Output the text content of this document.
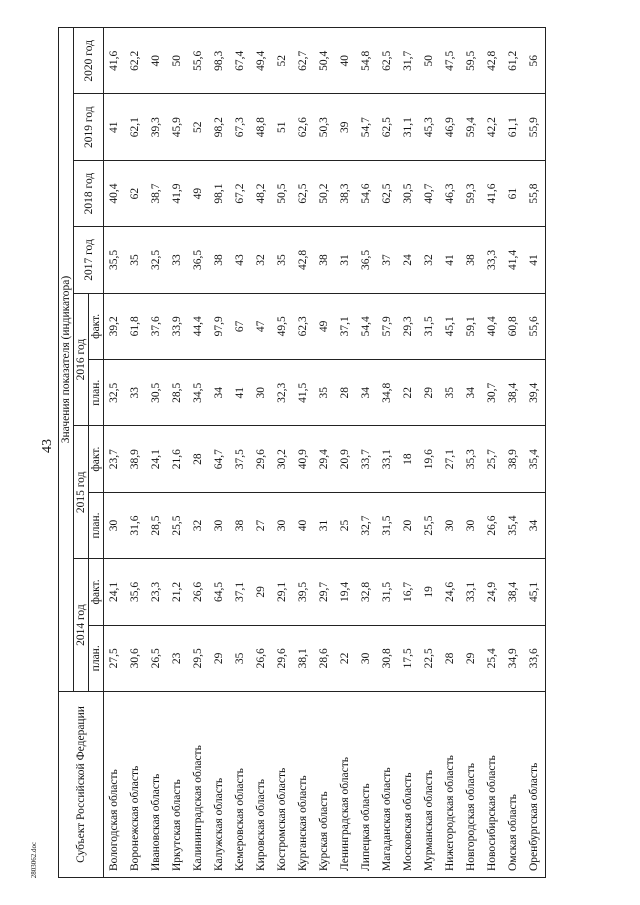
43
Субъект Российской Федерации	Значения показателя (индикатора)									
	2014 год		2015 год		2016 год		2017 год	2018 год	2019 год	2020 год
	план.	факт.	план.	факт.	план.	факт.				
Вологодская область	27,5	24,1	30	23,7	32,5	39,2	35,5	40,4	41	41,6
Воронежская область	30,6	35,6	31,6	38,9	33	61,8	35	62	62,1	62,2
Ивановская область	26,5	23,3	28,5	24,1	30,5	37,6	32,5	38,7	39,3	40
Иркутская область	23	21,2	25,5	21,6	28,5	33,9	33	41,9	45,9	50
Калининградская область	29,5	26,6	32	28	34,5	44,4	36,5	49	52	55,6
Калужская область	29	64,5	30	64,7	34	97,9	38	98,1	98,2	98,3
Кемеровская область	35	37,1	38	37,5	41	67	43	67,2	67,3	67,4
Кировская область	26,6	29	27	29,6	30	47	32	48,2	48,8	49,4
Костромская область	29,6	29,1	30	30,2	32,3	49,5	35	50,5	51	52
Курганская область	38,1	39,5	40	40,9	41,5	62,3	42,8	62,5	62,6	62,7
Курская область	28,6	29,7	31	29,4	35	49	38	50,2	50,3	50,4
Ленинградская область	22	19,4	25	20,9	28	37,1	31	38,3	39	40
Липецкая область	30	32,8	32,7	33,7	34	54,4	36,5	54,6	54,7	54,8
Магаданская область	30,8	31,5	31,5	33,1	34,8	57,9	37	62,5	62,5	62,5
Московская область	17,5	16,7	20	18	22	29,3	24	30,5	31,1	31,7
Мурманская область	22,5	19	25,5	19,6	29	31,5	32	40,7	45,3	50
Нижегородская область	28	24,6	30	27,1	35	45,1	41	46,3	46,9	47,5
Новгородская область	29	33,1	30	35,3	34	59,1	38	59,3	59,4	59,5
Новосибирская область	25,4	24,9	26,6	25,7	30,7	40,4	33,3	41,6	42,2	42,8
Омская область	34,9	38,4	35,4	38,9	38,4	60,8	41,4	61	61,1	61,2
Оренбургская область	33,6	45,1	34	35,4	39,4	55,6	41	55,8	55,9	56
2803062.doc
